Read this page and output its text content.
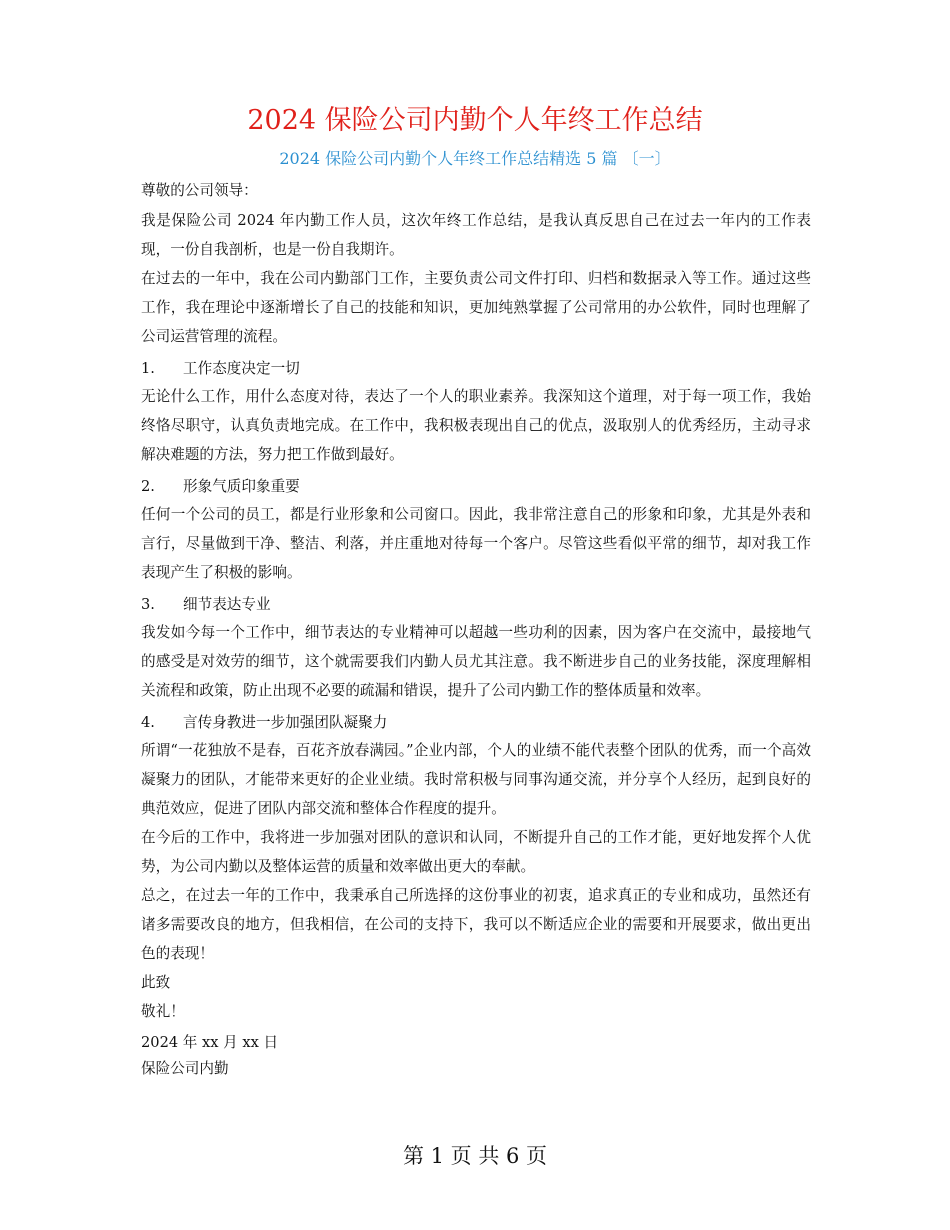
2024 保险公司内勤个人年终工作总结
2024 保险公司内勤个人年终工作总结精选 5 篇 〔一〕

尊敬的公司领导：

我是保险公司 2024 年内勤工作人员，这次年终工作总结，是我认真反思自己在过去一年内的工作表现，一份自我剖析，也是一份自我期许。

在过去的一年中，我在公司内勤部门工作，主要负责公司文件打印、归档和数据录入等工作。通过这些工作，我在理论中逐渐增长了自己的技能和知识，更加纯熟掌握了公司常用的办公软件，同时也理解了公司运营管理的流程。

1. 工作态度决定一切

无论什么工作，用什么态度对待，表达了一个人的职业素养。我深知这个道理，对于每一项工作，我始终恪尽职守，认真负责地完成。在工作中，我积极表现出自己的优点，汲取别人的优秀经历，主动寻求解决难题的方法，努力把工作做到最好。

2. 形象气质印象重要

任何一个公司的员工，都是行业形象和公司窗口。因此，我非常注意自己的形象和印象，尤其是外表和言行，尽量做到干净、整洁、利落，并庄重地对待每一个客户。尽管这些看似平常的细节，却对我工作表现产生了积极的影响。

3. 细节表达专业

我发如今每一个工作中，细节表达的专业精神可以超越一些功利的因素，因为客户在交流中，最接地气的感受是对效劳的细节，这个就需要我们内勤人员尤其注意。我不断进步自己的业务技能，深度理解相关流程和政策，防止出现不必要的疏漏和错误，提升了公司内勤工作的整体质量和效率。

4. 言传身教进一步加强团队凝聚力

所谓“一花独放不是春，百花齐放春满园。”企业内部，个人的业绩不能代表整个团队的优秀，而一个高效凝聚力的团队，才能带来更好的企业业绩。我时常积极与同事沟通交流，并分享个人经历，起到良好的典范效应，促进了团队内部交流和整体合作程度的提升。

在今后的工作中，我将进一步加强对团队的意识和认同，不断提升自己的工作才能，更好地发挥个人优势，为公司内勤以及整体运营的质量和效率做出更大的奉献。

总之，在过去一年的工作中，我秉承自己所选择的这份事业的初衷，追求真正的专业和成功，虽然还有诸多需要改良的地方，但我相信，在公司的支持下，我可以不断适应企业的需要和开展要求，做出更出色的表现！

此致

敬礼！

2024 年 xx 月 xx 日

保险公司内勤

第 1 页 共 6 页
